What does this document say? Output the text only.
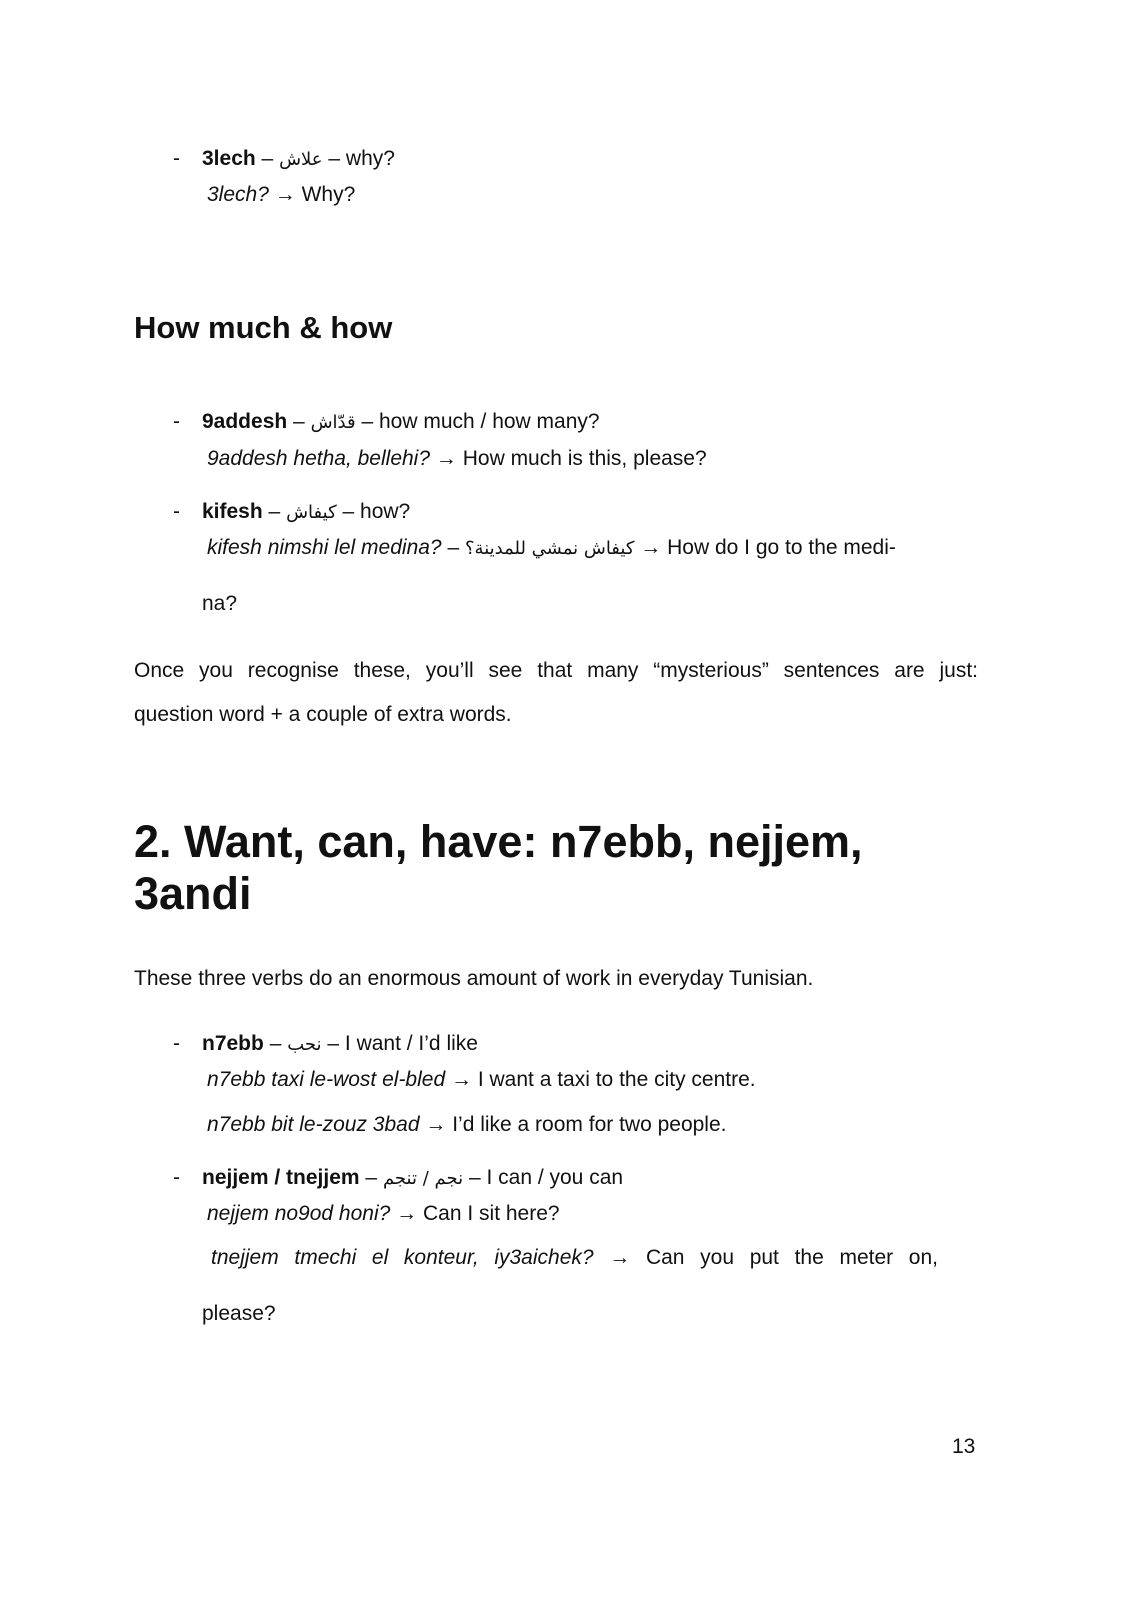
- 3lech – علاش – why?
3lech? → Why?
How much & how
- 9addesh – قدّاش – how much / how many?
9addesh hetha, bellehi? → How much is this, please?
- kifesh – كيفاش – how?
kifesh nimshi lel medina? – كيفاش نمشي للمدينة؟ → How do I go to the medi-
na?
Once you recognise these, you’ll see that many “mysterious” sentences are just:
question word + a couple of extra words.
2. Want, can, have: n7ebb, nejjem, 3andi
These three verbs do an enormous amount of work in everyday Tunisian.
- n7ebb – نحب – I want / I’d like
n7ebb taxi le-wost el-bled → I want a taxi to the city centre.
n7ebb bit le-zouz 3bad → I’d like a room for two people.
- nejjem / tnejjem – نجم / تنجم – I can / you can
nejjem no9od honi? → Can I sit here?
tnejjem tmechi el konteur, iy3aichek? → Can you put the meter on,
please?
13
